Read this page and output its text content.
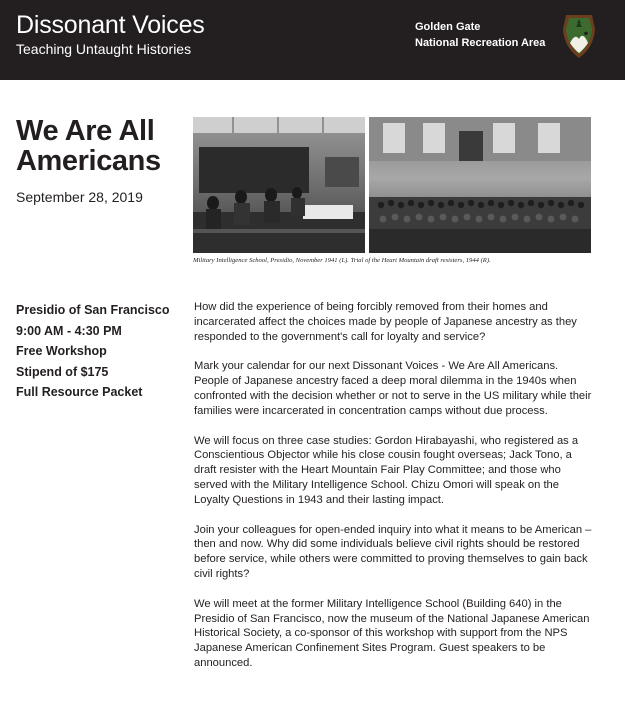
Dissonant Voices
Teaching Untaught Histories
Golden Gate
National Recreation Area
We Are All
Americans
September 28, 2019
Military Intelligence School, Presidio, November 1941 (L). Trial of the Heart Mountain draft resisters, 1944 (R).
Presidio of San Francisco
9:00 AM - 4:30 PM
Free Workshop
Stipend of $175
Full Resource Packet

How did the experience of being forcibly removed from their homes and incarcerated affect the choices made by people of Japanese ancestry as they responded to the government's call for loyalty and service?

Mark your calendar for our next Dissonant Voices - We Are All Americans. People of Japanese ancestry faced a deep moral dilemma in the 1940s when confronted with the decision whether or not to serve in the US military while their families were incarcerated in concentration camps without due process.

We will focus on three case studies: Gordon Hirabayashi, who registered as a Conscientious Objector while his close cousin fought overseas; Jack Tono, a draft resister with the Heart Mountain Fair Play Committee; and those who served with the Military Intelligence School. Chizu Omori will speak on the Loyalty Questions in 1943 and their lasting impact.

Join your colleagues for open-ended inquiry into what it means to be American – then and now. Why did some individuals believe civil rights should be restored before service, while others were committed to proving themselves to gain back civil rights?

We will meet at the former Military Intelligence School (Building 640) in the Presidio of San Francisco, now the museum of the National Japanese American Historical Society, a co-sponsor of this workshop with support from the NPS Japanese American Confinement Sites Program. Guest speakers to be announced.
